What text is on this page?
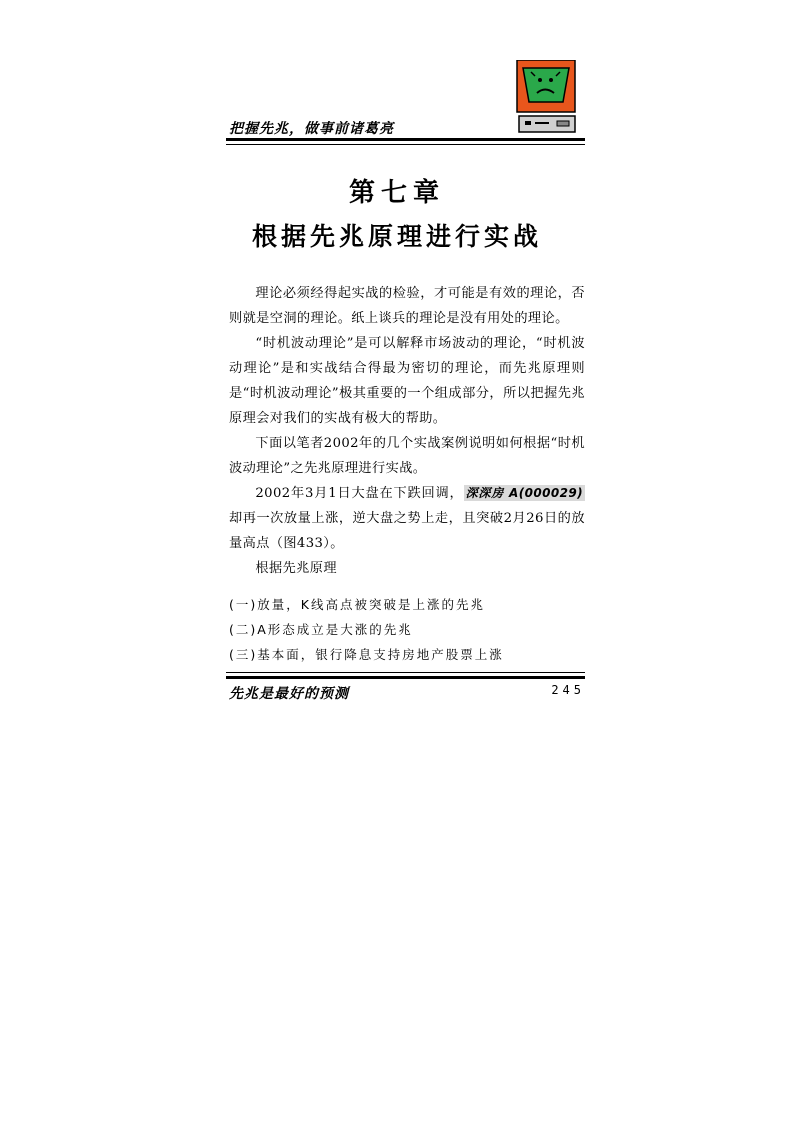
把握先兆，做事前诸葛亮
第七章
根据先兆原理进行实战

理论必须经得起实战的检验，才可能是有效的理论，否则就是空洞的理论。纸上谈兵的理论是没有用处的理论。

“时机波动理论”是可以解释市场波动的理论，“时机波动理论”是和实战结合得最为密切的理论，而先兆原理则是“时机波动理论”极其重要的一个组成部分，所以把握先兆原理会对我们的实战有极大的帮助。

下面以笔者2002年的几个实战案例说明如何根据“时机波动理论”之先兆原理进行实战。

2002年3月1日大盘在下跌回调， 深深房 A(000029)却再一次放量上涨，逆大盘之势上走，且突破2月26日的放量高点（图433）。

根据先兆原理

(一)放量，K线高点被突破是上涨的先兆
(二)A形态成立是大涨的先兆
(三)基本面，银行降息支持房地产股票上涨
先兆是最好的预测	245
